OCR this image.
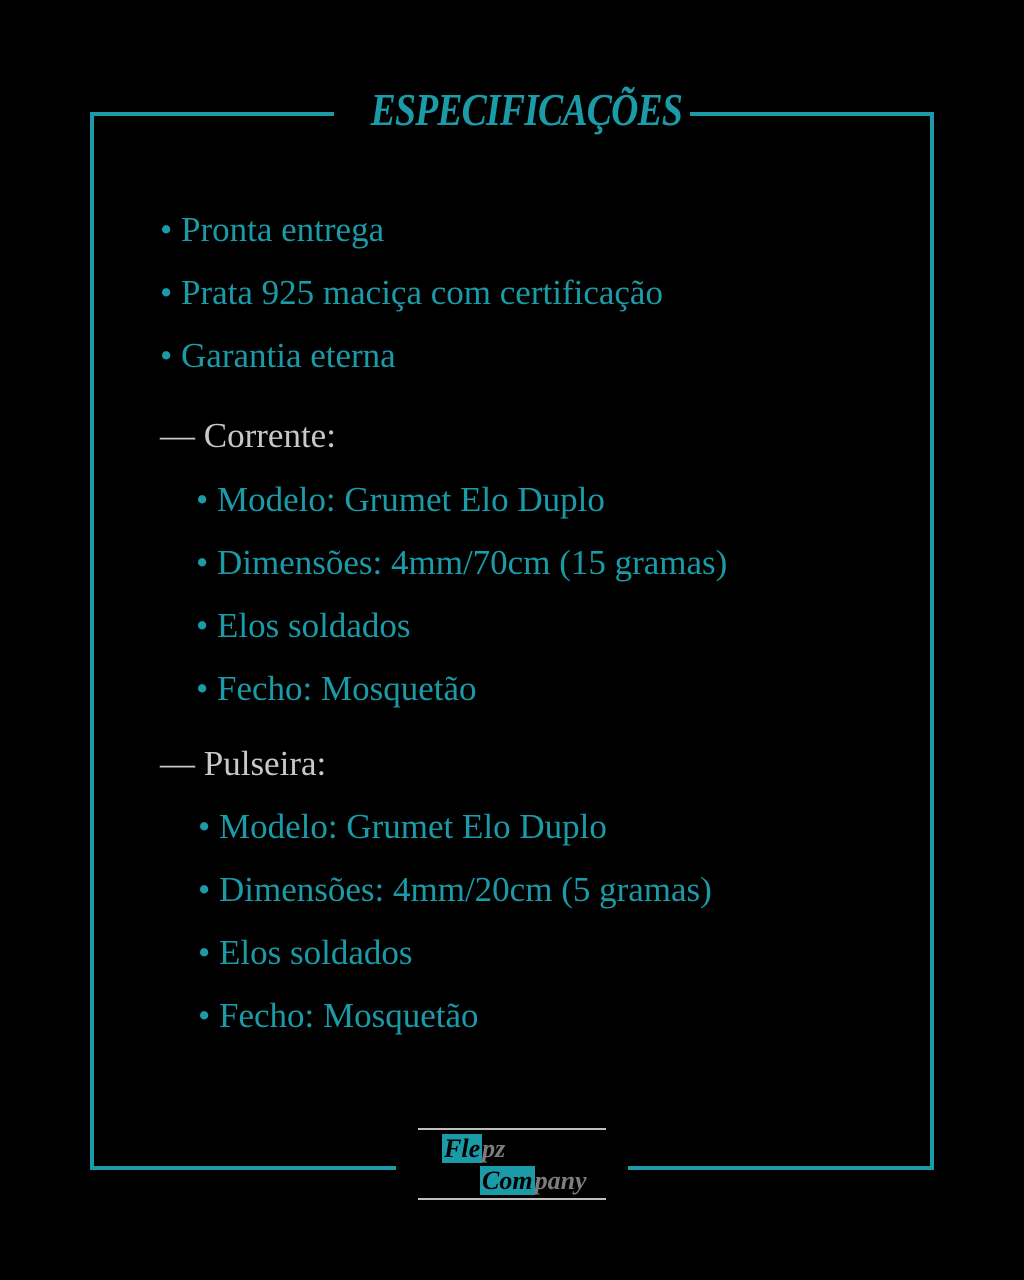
ESPECIFICAÇÕES
• Pronta entrega
• Prata 925 maciça com certificação
• Garantia eterna
— Corrente:
• Modelo: Grumet Elo Duplo
• Dimensões: 4mm/70cm (15 gramas)
• Elos soldados
• Fecho: Mosquetão
— Pulseira:
• Modelo: Grumet Elo Duplo
• Dimensões: 4mm/20cm (5 gramas)
• Elos soldados
• Fecho: Mosquetão
Flepz
Company
